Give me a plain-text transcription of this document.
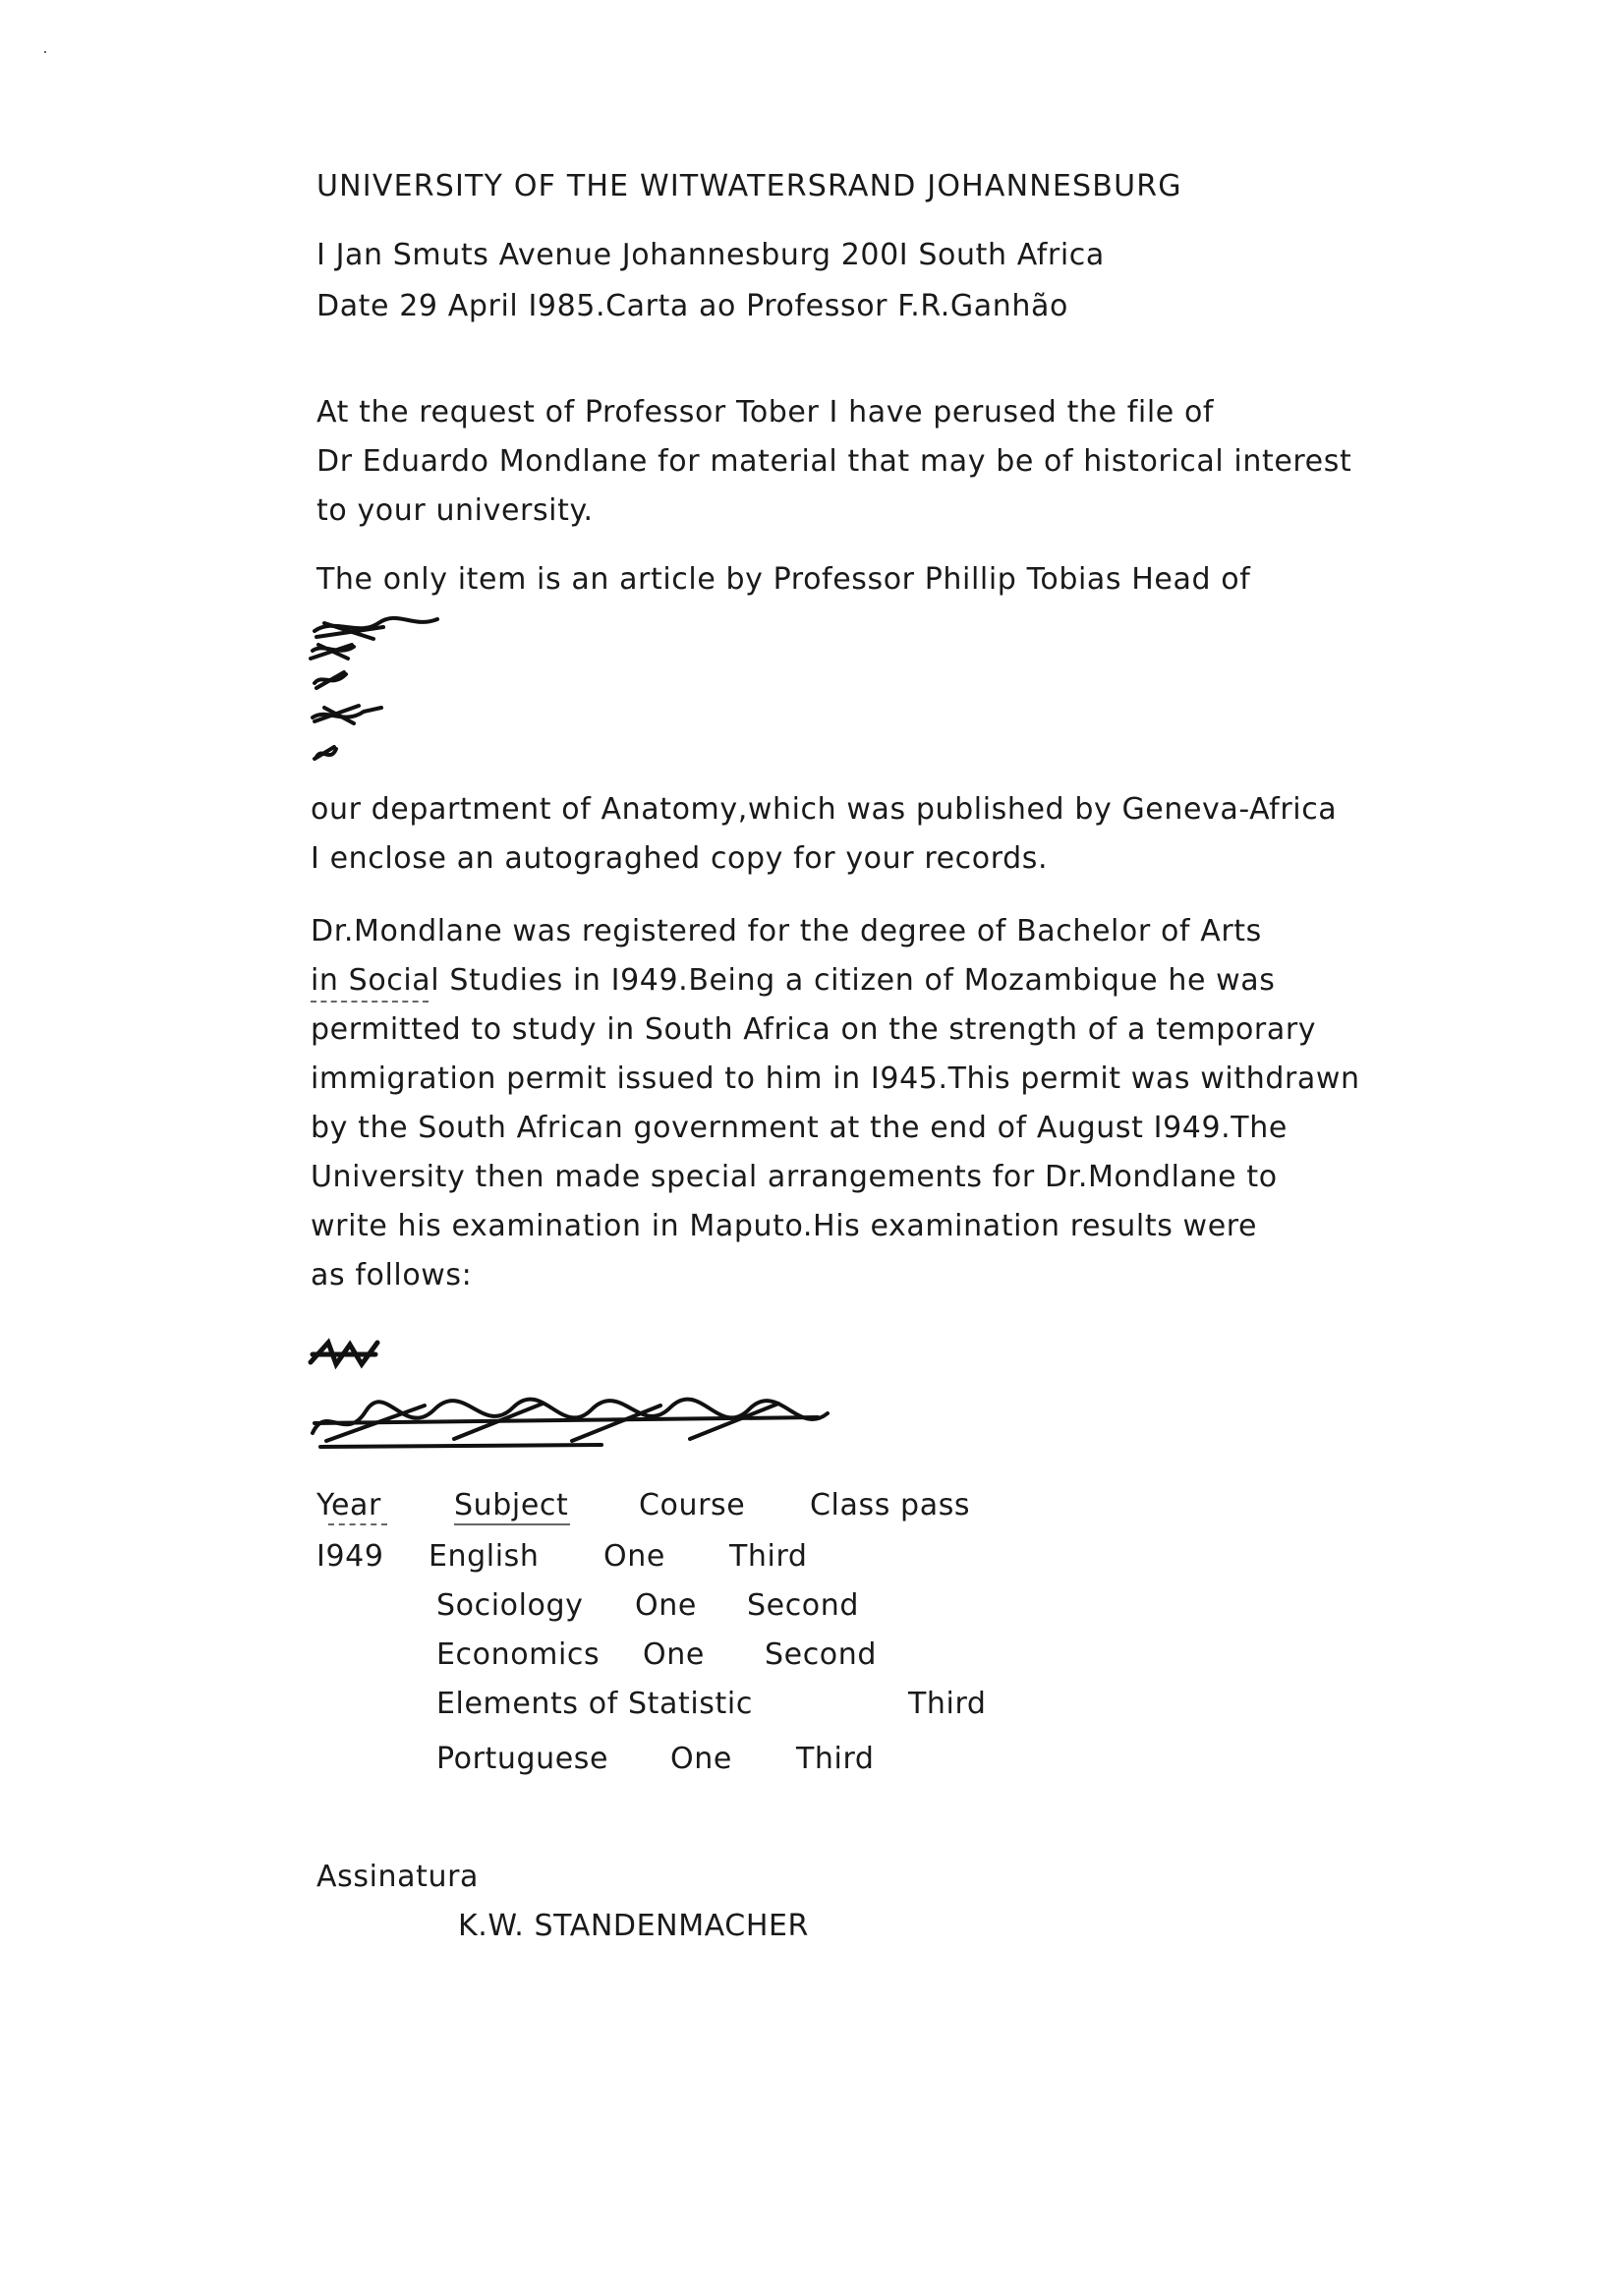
UNIVERSITY OF THE WITWATERSRAND JOHANNESBURG
I Jan Smuts Avenue Johannesburg 200I South Africa
Date 29 April I985.Carta ao Professor F.R.Ganhão
At the request of Professor Tober I have perused the file of
Dr Eduardo Mondlane for material that may be of historical interest
to your university.
The only item is an article by Professor Phillip Tobias Head of
our department of Anatomy,which was published by Geneva-Africa
I enclose an autograghed copy for your records.
Dr.Mondlane was registered for the degree of Bachelor of Arts
in Social Studies in I949.Being a citizen of Mozambique he was
permitted to study in South Africa on the strength of a temporary
immigration permit issued to him in I945.This permit was withdrawn
by the South African government at the end of August I949.The
University then made special arrangements for Dr.Mondlane to
write his examination in Maputo.His examination results were
as follows:
Year Subject Course Class pass
I949 English One Third
Sociology One Second
Economics One Second
Elements of Statistic	Third
Portuguese One Third
Assinatura
K.W. STANDENMACHER
